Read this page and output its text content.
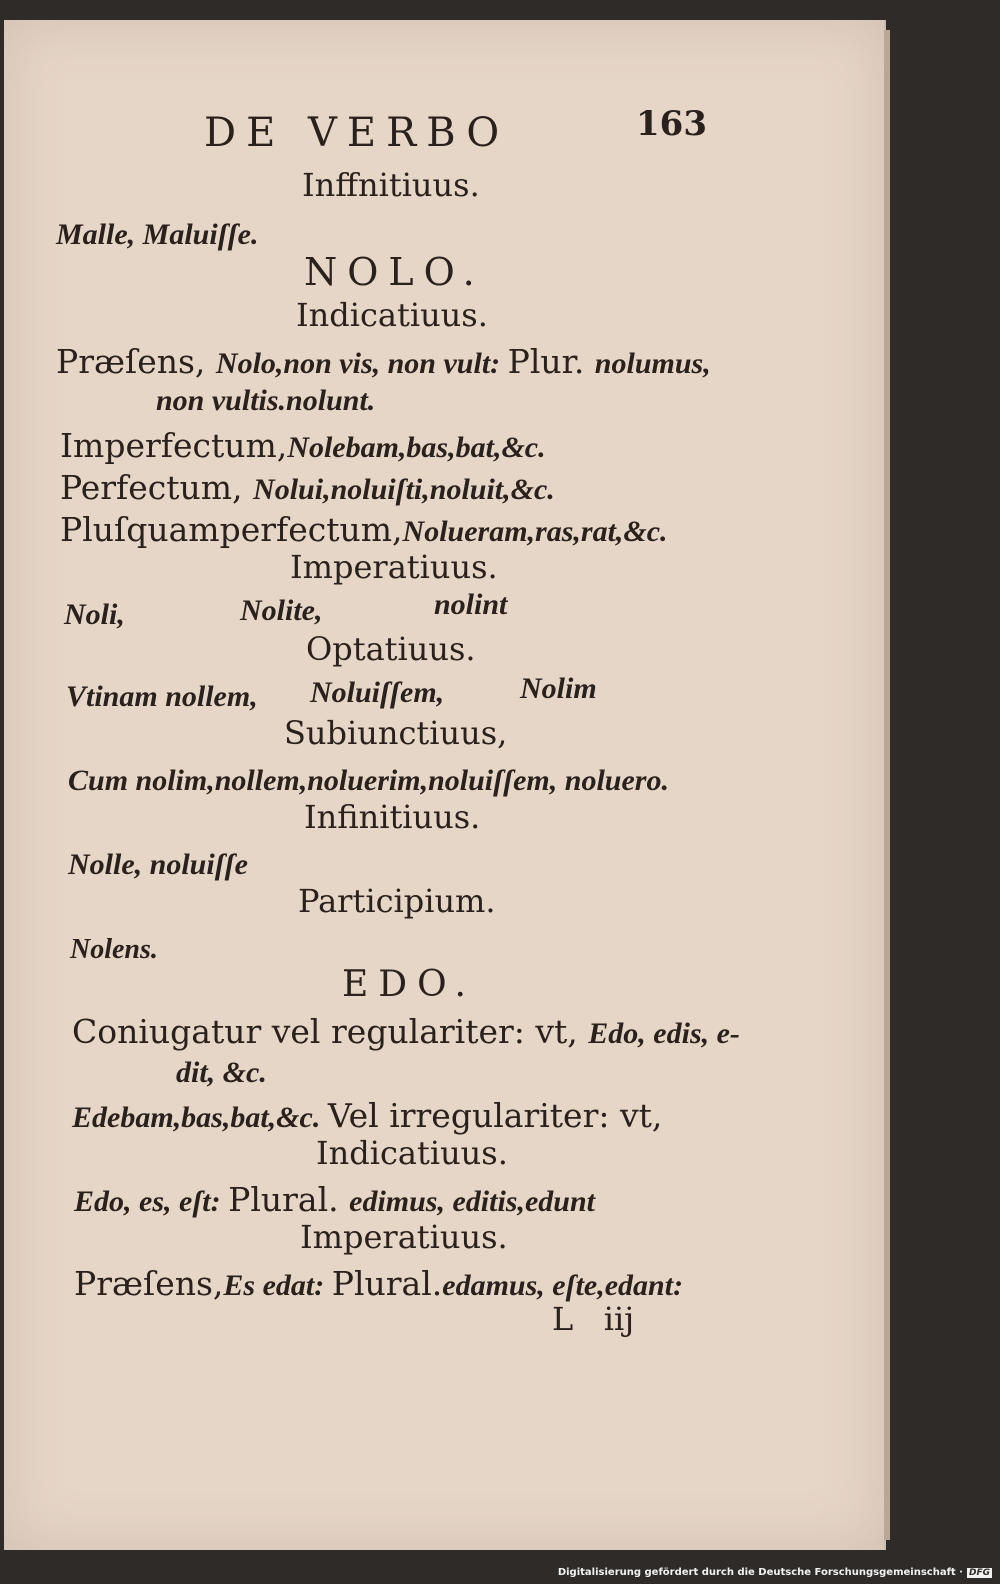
DE VERBO	163
Inffnitiuus.
Malle, Maluiſſe.
NOLO.
Indicatiuus.
Præſens, Nolo,non vis, non vult: Plur. nolumus,
non vultis.nolunt.
Imperfectum,Nolebam,bas,bat,&c.
Perfectum, Nolui,noluiſti,noluit,&c.
Pluſquamperfectum,Nolueram,ras,rat,&c.
Imperatiuus.
Noli,	Nolite,	nolint
Optatiuus.
Vtinam nollem, Noluiſſem,	Nolim
Subiunctiuus,
Cum nolim,nollem,noluerim,noluiſſem, noluero.
Infinitiuus.
Nolle, noluiſſe
Participium.
Nolens.
EDO.
Coniugatur vel regulariter: vt, Edo, edis, e-
dit, &c.
Edebam,bas,bat,&c. Vel irregulariter: vt,
Indicatiuus.
Edo, es, eſt: Plural. edimus, editis,edunt
Imperatiuus.
Præſens,Es edat: Plural.edamus, eſte,edant:
L   iij
Digitalisierung gefördert durch die Deutsche Forschungsgemeinschaft · DFG
